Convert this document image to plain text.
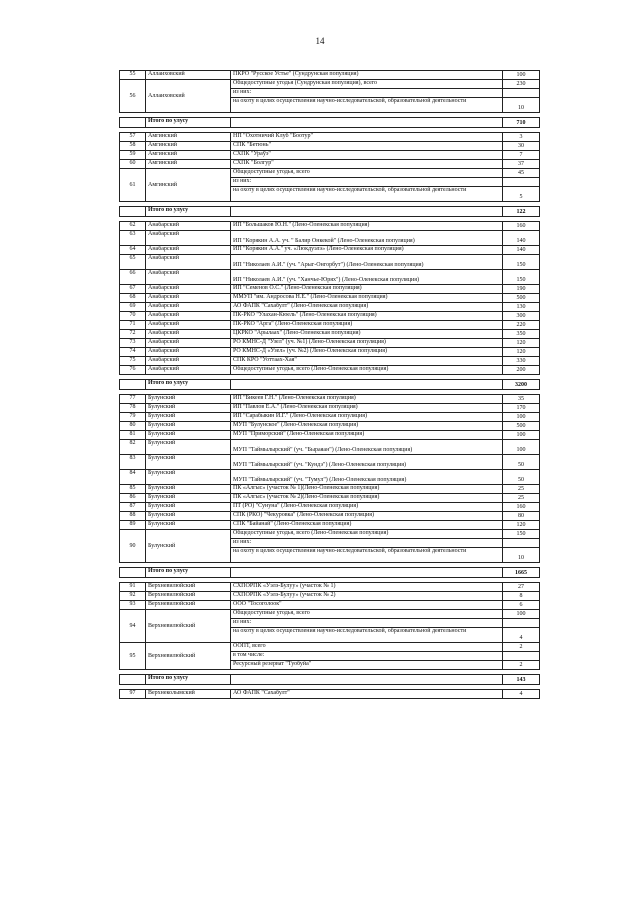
14
55	Аллаиховский	ПКРО "Русское Устье" (Сундрунская популяция)	100
56	Аллаиховский	Общедоступные угодья (Сундрунская популяция), всего	230
		из них:	
		на охоту в целях осуществления научно-исследовательской, образовательной деятельности	10

	Итого по улусу		710

57	Амгинский	НП "Охотничий Клуб "Боотур"	3
58	Амгинский	СПК "Бетюнь"	30
59	Амгинский	СХПК "Ураўэ"	7
60	Амгинский	СХПК "Болгур"	37
61	Амгинский	Общедоступные угодья, всего	45
		из них:	
		на охоту в целях осуществления научно-исследовательской, образовательной деятельности	5

	Итого по улусу		122

62	Анабарский	ИП "Большаков Ю.Н." (Лено-Оленекская популяция)	160
63	Анабарский	ИП "Корякин А.А. уч. " Балир Онкекой" (Лено-Оленекская популяция)	140
64	Анабарский	ИП "Корякин А.А." уч. «Люкдуэлэ» (Лено-Оленекская популяция)	140
65	Анабарский	ИП "Николаев А.И." (уч. "Арыг-Онгорбут") (Лено-Оленекская популяция)	150
66	Анабарский	ИП "Николаев А.И." (уч. "Ханчье-Юрях") (Лено-Оленекская популяция)	150
67	Анабарский	ИП "Семенов О.С." (Лено-Оленекская популяция)	190
68	Анабарский	ММУП "им. Андросова Н.Е." (Лено-Оленекская популяция)	500
69	Анабарский	АО ФАПК "Сахабулт" (Лено-Оленекская популяция)	130
70	Анабарский	ПК-РКО "Улахан-Кюель" (Лено-Оленекская популяция)	300
71	Анабарский	ПК-РКО "Арга" (Лено-Оленекская популяция)	220
72	Анабарский	ЦКРКО "Арылаах" (Лено-Оленекская популяция)	350
73	Анабарский	РО КМНС-Д "Узел" (уч. №1) (Лено-Оленекская популяция)	120
74	Анабарский	РО КМНС-Д «Узел» (уч. №2) (Лено-Оленекская популяция)	120
75	Анабарский	СПК КРО "Уоттаах-Хая"	330
76	Анабарский	Общедоступные угодья, всего (Лено-Оленекская популяция)	200

	Итого по улусу		3200

77	Булунский	ИП "Бикеев Г.Н." (Лено-Оленекская популяция)	35
78	Булунский	ИП "Павлов Е.А." (Лено-Оленекская популяция)	170
79	Булунский	ИП "Сарабыкин И.Г." (Лено-Оленекская популяция)	100
80	Булунский	МУП "Булунское" (Лено-Оленекская популяция)	500
81	Булунский	МУП "Приморский" (Лено-Оленекская популяция)	100
82	Булунский	МУП "Таймылырский" (уч. "Быраяан") (Лено-Оленекская популяция)	100
83	Булунский	МУП "Таймылырский" (уч. "Кундэ") (Лено-Оленекская популяция)	50
84	Булунский	МУП "Таймылырский" (уч. "Тумул") (Лено-Оленекская популяция)	50
85	Булунский	ПК «Алгыс» (участок № 1)(Лено-Оленекская популяция)	25
86	Булунский	ПК «Алгыс» (участок № 2)(Лено-Оленекская популяция)	25
87	Булунский	ПТ (РО) "Сунуна" (Лено-Оленекская популяция)	160
88	Булунский	СПК (РКО) "Чекуровка" (Лено-Оленекская популяция)	80
89	Булунский	СПК "Байанай" (Лено-Оленекская популяция)	120
90	Булунский	Общедоступные угодья, всего (Лено-Оленекская популяция)	150
		из них:	
		на охоту в целях осуществления научно-исследовательской, образовательной деятельности	10

	Итого по улусу		1665

91	Верхневилюйский	СХПОРПК «Уэлэ-Булуу» (участок № 1)	27
92	Верхневилюйский	СХПОРПК «Уэлэ-Булуу» (участок № 2)	8
93	Верхневилюйский	ООО "Тосоголоок"	6
94	Верхневилюйский	Общедоступные угодья, всего	100
		из них:	
		на охоту в целях осуществления научно-исследовательской, образовательной деятельности	4
95	Верхневилюйский	ООПТ, всего	2
		в том числе:	
		Ресурсный резерват "Туобуйа"	2

	Итого по улусу		143

97	Верхнеколымский	АО ФАПК "Сахабулт"	4
